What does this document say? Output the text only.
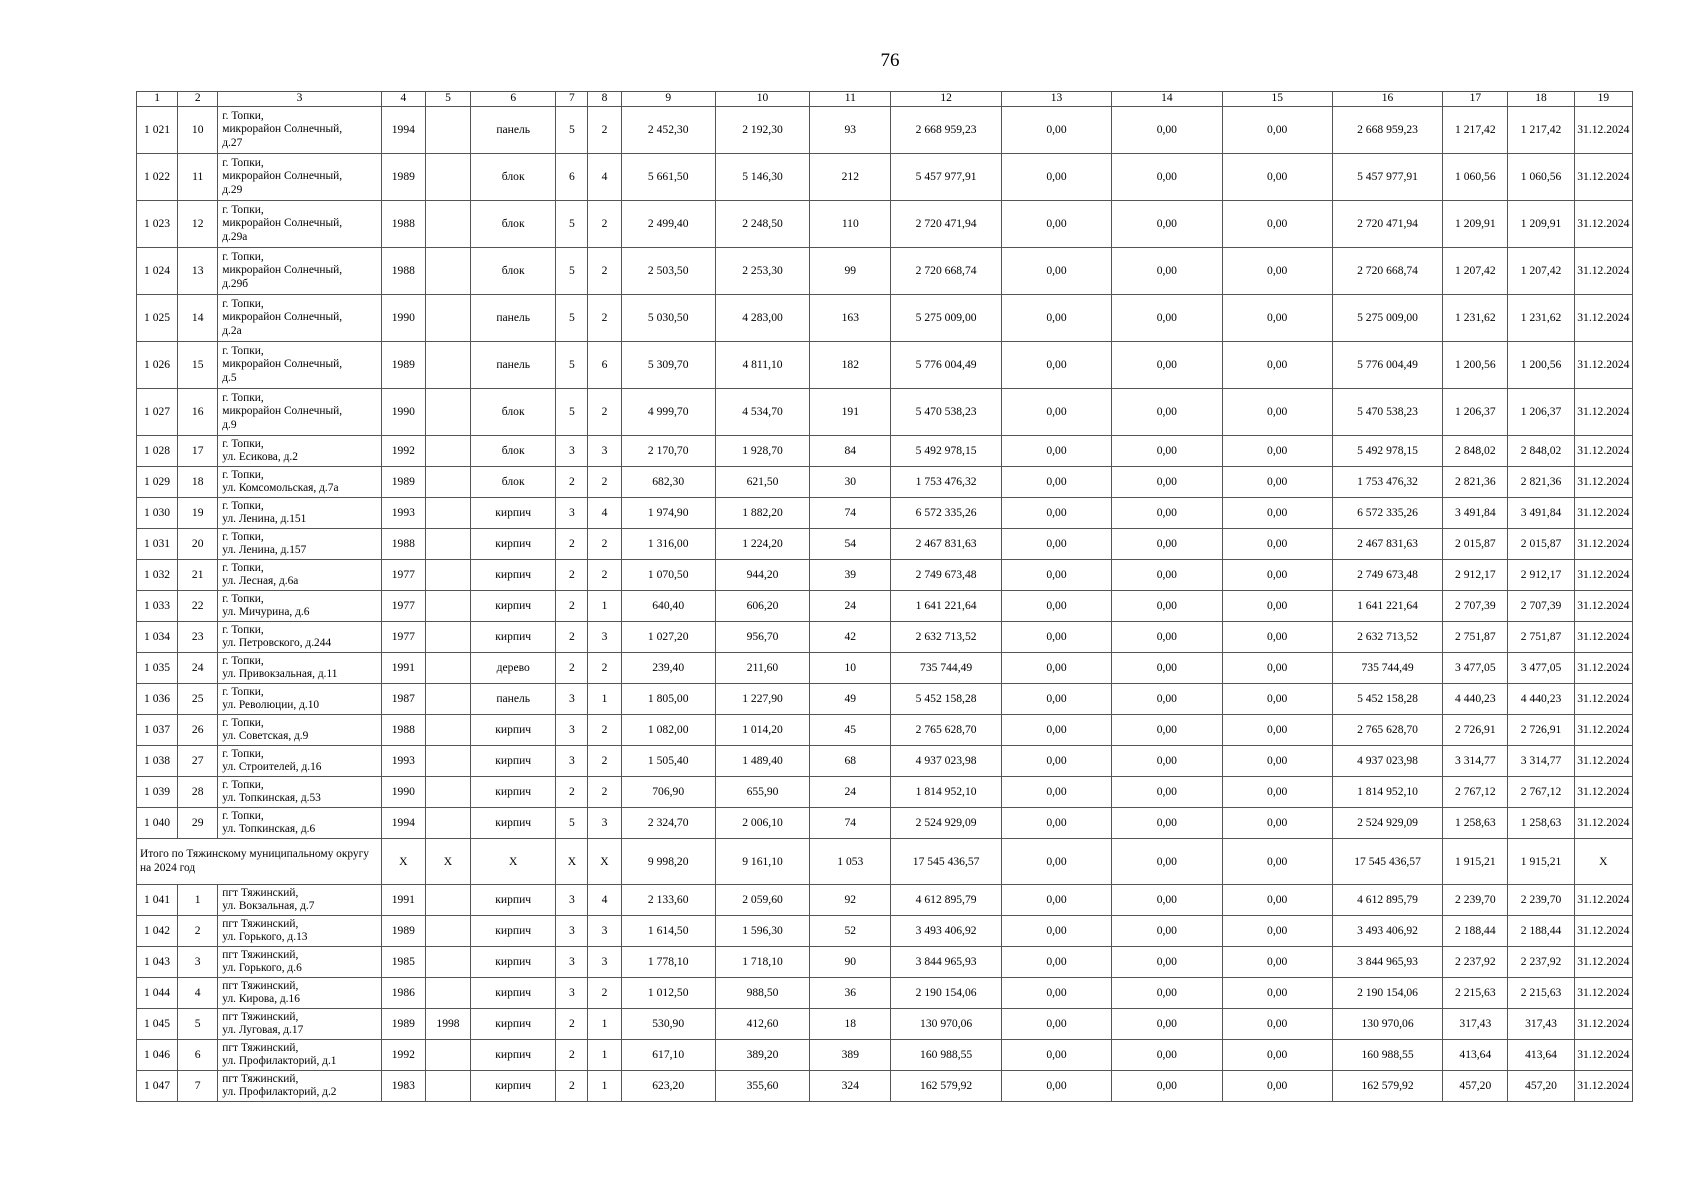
76
1	2	3	4	5	6	7	8	9	10	11	12	13	14	15	16	17	18	19
1 021	10	г. Топки,
микрорайон Солнечный,
д.27	1994		панель	5	2	2 452,30	2 192,30	93	2 668 959,23	0,00	0,00	0,00	2 668 959,23	1 217,42	1 217,42	31.12.2024
1 022	11	г. Топки,
микрорайон Солнечный,
д.29	1989		блок	6	4	5 661,50	5 146,30	212	5 457 977,91	0,00	0,00	0,00	5 457 977,91	1 060,56	1 060,56	31.12.2024
1 023	12	г. Топки,
микрорайон Солнечный,
д.29а	1988		блок	5	2	2 499,40	2 248,50	110	2 720 471,94	0,00	0,00	0,00	2 720 471,94	1 209,91	1 209,91	31.12.2024
1 024	13	г. Топки,
микрорайон Солнечный,
д.29б	1988		блок	5	2	2 503,50	2 253,30	99	2 720 668,74	0,00	0,00	0,00	2 720 668,74	1 207,42	1 207,42	31.12.2024
1 025	14	г. Топки,
микрорайон Солнечный,
д.2а	1990		панель	5	2	5 030,50	4 283,00	163	5 275 009,00	0,00	0,00	0,00	5 275 009,00	1 231,62	1 231,62	31.12.2024
1 026	15	г. Топки,
микрорайон Солнечный,
д.5	1989		панель	5	6	5 309,70	4 811,10	182	5 776 004,49	0,00	0,00	0,00	5 776 004,49	1 200,56	1 200,56	31.12.2024
1 027	16	г. Топки,
микрорайон Солнечный,
д.9	1990		блок	5	2	4 999,70	4 534,70	191	5 470 538,23	0,00	0,00	0,00	5 470 538,23	1 206,37	1 206,37	31.12.2024
1 028	17	г. Топки,
ул. Есикова, д.2	1992		блок	3	3	2 170,70	1 928,70	84	5 492 978,15	0,00	0,00	0,00	5 492 978,15	2 848,02	2 848,02	31.12.2024
1 029	18	г. Топки,
ул. Комсомольская, д.7а	1989		блок	2	2	682,30	621,50	30	1 753 476,32	0,00	0,00	0,00	1 753 476,32	2 821,36	2 821,36	31.12.2024
1 030	19	г. Топки,
ул. Ленина, д.151	1993		кирпич	3	4	1 974,90	1 882,20	74	6 572 335,26	0,00	0,00	0,00	6 572 335,26	3 491,84	3 491,84	31.12.2024
1 031	20	г. Топки,
ул. Ленина, д.157	1988		кирпич	2	2	1 316,00	1 224,20	54	2 467 831,63	0,00	0,00	0,00	2 467 831,63	2 015,87	2 015,87	31.12.2024
1 032	21	г. Топки,
ул. Лесная, д.6а	1977		кирпич	2	2	1 070,50	944,20	39	2 749 673,48	0,00	0,00	0,00	2 749 673,48	2 912,17	2 912,17	31.12.2024
1 033	22	г. Топки,
ул. Мичурина, д.6	1977		кирпич	2	1	640,40	606,20	24	1 641 221,64	0,00	0,00	0,00	1 641 221,64	2 707,39	2 707,39	31.12.2024
1 034	23	г. Топки,
ул. Петровского, д.244	1977		кирпич	2	3	1 027,20	956,70	42	2 632 713,52	0,00	0,00	0,00	2 632 713,52	2 751,87	2 751,87	31.12.2024
1 035	24	г. Топки,
ул. Привокзальная, д.11	1991		дерево	2	2	239,40	211,60	10	735 744,49	0,00	0,00	0,00	735 744,49	3 477,05	3 477,05	31.12.2024
1 036	25	г. Топки,
ул. Революции, д.10	1987		панель	3	1	1 805,00	1 227,90	49	5 452 158,28	0,00	0,00	0,00	5 452 158,28	4 440,23	4 440,23	31.12.2024
1 037	26	г. Топки,
ул. Советская, д.9	1988		кирпич	3	2	1 082,00	1 014,20	45	2 765 628,70	0,00	0,00	0,00	2 765 628,70	2 726,91	2 726,91	31.12.2024
1 038	27	г. Топки,
ул. Строителей, д.16	1993		кирпич	3	2	1 505,40	1 489,40	68	4 937 023,98	0,00	0,00	0,00	4 937 023,98	3 314,77	3 314,77	31.12.2024
1 039	28	г. Топки,
ул. Топкинская, д.53	1990		кирпич	2	2	706,90	655,90	24	1 814 952,10	0,00	0,00	0,00	1 814 952,10	2 767,12	2 767,12	31.12.2024
1 040	29	г. Топки,
ул. Топкинская, д.6	1994		кирпич	5	3	2 324,70	2 006,10	74	2 524 929,09	0,00	0,00	0,00	2 524 929,09	1 258,63	1 258,63	31.12.2024
Итого по Тяжинскому муниципальному округу на 2024 год			X	X	X	X	X	9 998,20	9 161,10	1 053	17 545 436,57	0,00	0,00	0,00	17 545 436,57	1 915,21	1 915,21	X
1 041	1	пгт Тяжинский,
ул. Вокзальная, д.7	1991		кирпич	3	4	2 133,60	2 059,60	92	4 612 895,79	0,00	0,00	0,00	4 612 895,79	2 239,70	2 239,70	31.12.2024
1 042	2	пгт Тяжинский,
ул. Горького, д.13	1989		кирпич	3	3	1 614,50	1 596,30	52	3 493 406,92	0,00	0,00	0,00	3 493 406,92	2 188,44	2 188,44	31.12.2024
1 043	3	пгт Тяжинский,
ул. Горького, д.6	1985		кирпич	3	3	1 778,10	1 718,10	90	3 844 965,93	0,00	0,00	0,00	3 844 965,93	2 237,92	2 237,92	31.12.2024
1 044	4	пгт Тяжинский,
ул. Кирова, д.16	1986		кирпич	3	2	1 012,50	988,50	36	2 190 154,06	0,00	0,00	0,00	2 190 154,06	2 215,63	2 215,63	31.12.2024
1 045	5	пгт Тяжинский,
ул. Луговая, д.17	1989	1998	кирпич	2	1	530,90	412,60	18	130 970,06	0,00	0,00	0,00	130 970,06	317,43	317,43	31.12.2024
1 046	6	пгт Тяжинский,
ул. Профилакторий, д.1	1992		кирпич	2	1	617,10	389,20	389	160 988,55	0,00	0,00	0,00	160 988,55	413,64	413,64	31.12.2024
1 047	7	пгт Тяжинский,
ул. Профилакторий, д.2	1983		кирпич	2	1	623,20	355,60	324	162 579,92	0,00	0,00	0,00	162 579,92	457,20	457,20	31.12.2024
